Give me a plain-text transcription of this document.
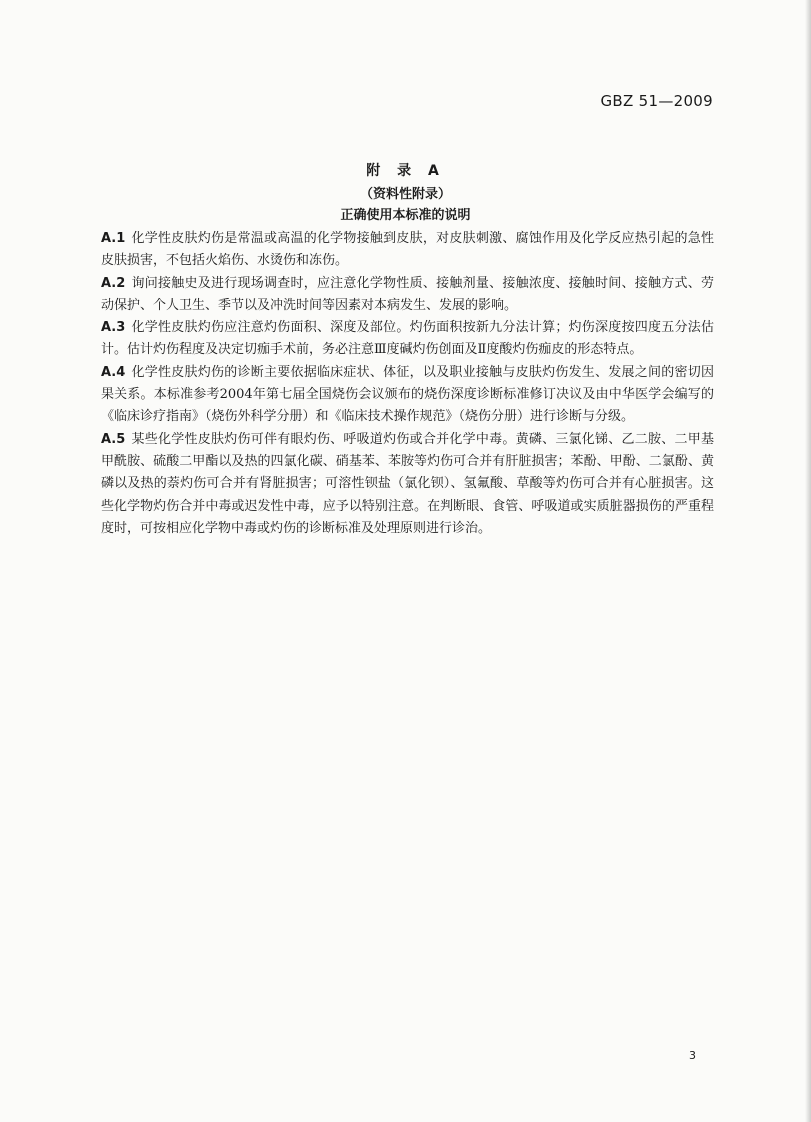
GBZ 51—2009
附 录 A
（资料性附录）
正确使用本标准的说明

A.1 化学性皮肤灼伤是常温或高温的化学物接触到皮肤，对皮肤刺激、腐蚀作用及化学反应热引起的急性皮肤损害，不包括火焰伤、水烫伤和冻伤。

A.2 询问接触史及进行现场调查时，应注意化学物性质、接触剂量、接触浓度、接触时间、接触方式、劳动保护、个人卫生、季节以及冲洗时间等因素对本病发生、发展的影响。

A.3 化学性皮肤灼伤应注意灼伤面积、深度及部位。灼伤面积按新九分法计算；灼伤深度按四度五分法估计。估计灼伤程度及决定切痂手术前，务必注意Ⅲ度碱灼伤创面及Ⅱ度酸灼伤痂皮的形态特点。

A.4 化学性皮肤灼伤的诊断主要依据临床症状、体征，以及职业接触与皮肤灼伤发生、发展之间的密切因果关系。本标准参考2004年第七届全国烧伤会议颁布的烧伤深度诊断标准修订决议及由中华医学会编写的《临床诊疗指南》（烧伤外科学分册）和《临床技术操作规范》（烧伤分册）进行诊断与分级。

A.5 某些化学性皮肤灼伤可伴有眼灼伤、呼吸道灼伤或合并化学中毒。黄磷、三氯化锑、乙二胺、二甲基甲酰胺、硫酸二甲酯以及热的四氯化碳、硝基苯、苯胺等灼伤可合并有肝脏损害；苯酚、甲酚、二氯酚、黄磷以及热的萘灼伤可合并有肾脏损害；可溶性钡盐（氯化钡）、氢氟酸、草酸等灼伤可合并有心脏损害。这些化学物灼伤合并中毒或迟发性中毒，应予以特别注意。在判断眼、食管、呼吸道或实质脏器损伤的严重程度时，可按相应化学物中毒或灼伤的诊断标准及处理原则进行诊治。

3
